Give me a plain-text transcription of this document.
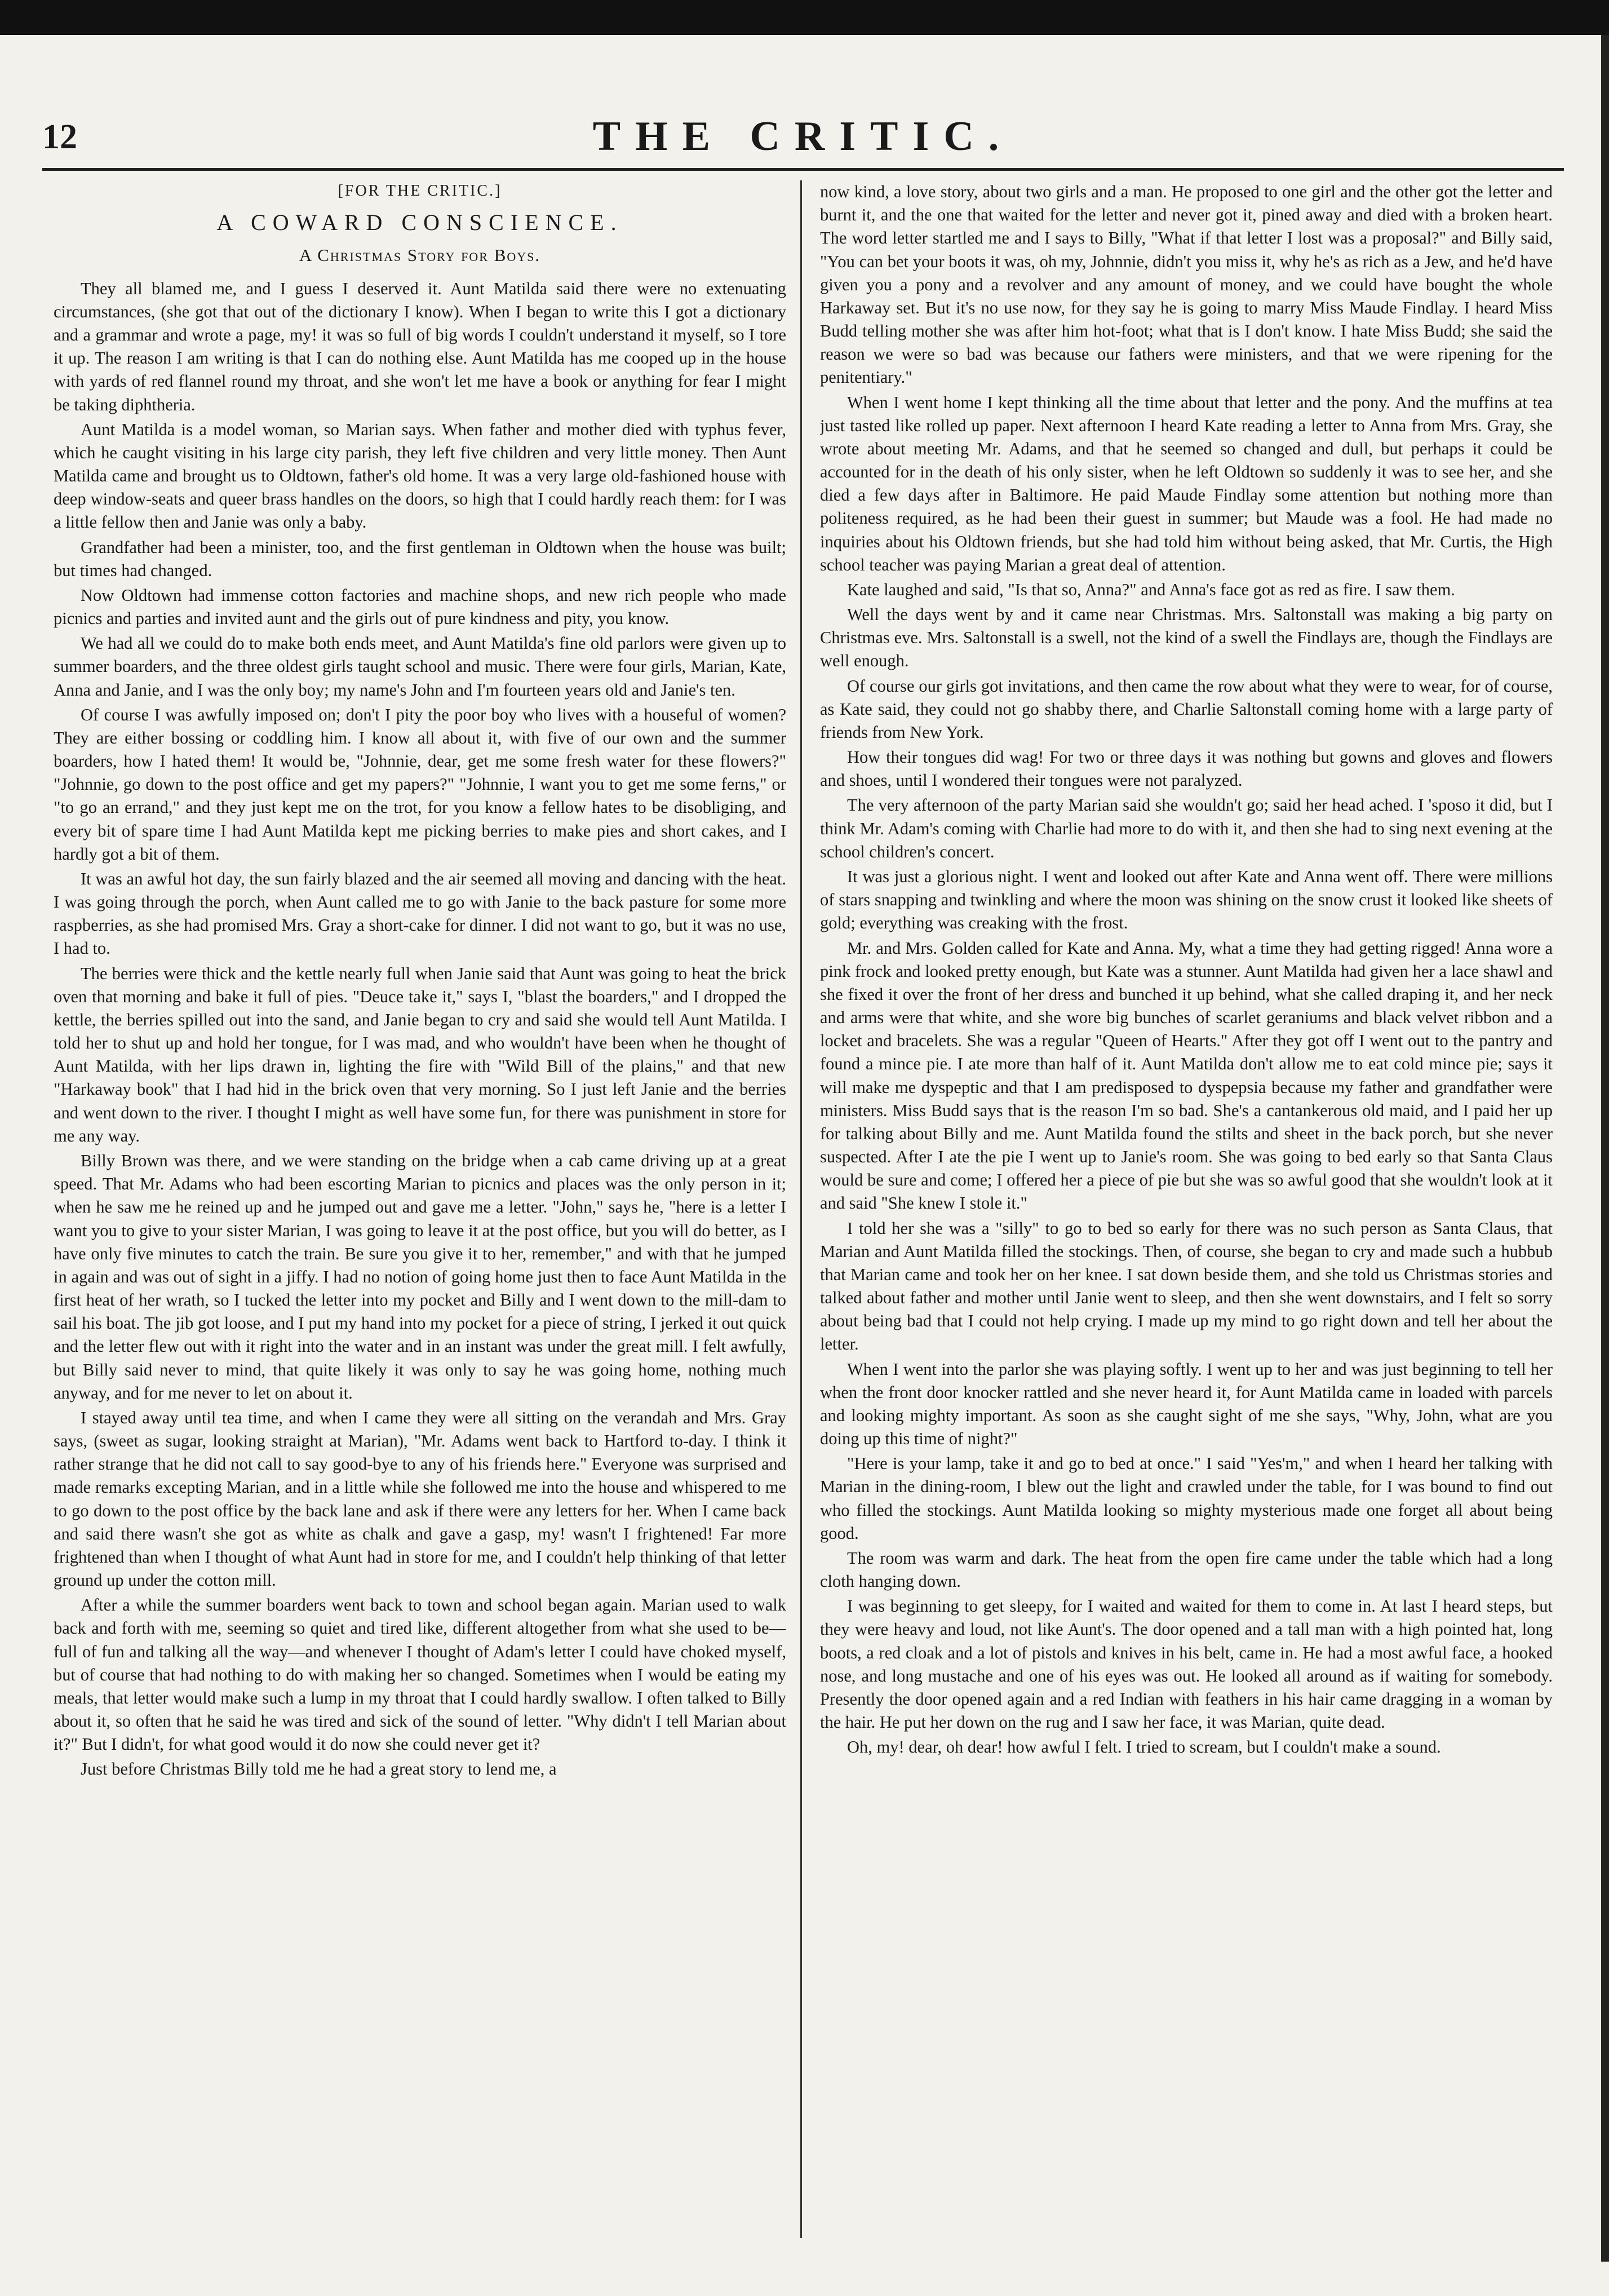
12	THE CRITIC.
[FOR THE CRITIC.]
A COWARD CONSCIENCE.
A Christmas Story for Boys.

They all blamed me, and I guess I deserved it. Aunt Matilda said there were no extenuating circumstances, (she got that out of the dictionary I know). When I began to write this I got a dictionary and a grammar and wrote a page, my! it was so full of big words I couldn't understand it myself, so I tore it up. The reason I am writing is that I can do nothing else. Aunt Matilda has me cooped up in the house with yards of red flannel round my throat, and she won't let me have a book or anything for fear I might be taking diphtheria.

Aunt Matilda is a model woman, so Marian says. When father and mother died with typhus fever, which he caught visiting in his large city parish, they left five children and very little money. Then Aunt Matilda came and brought us to Oldtown, father's old home. It was a very large old-fashioned house with deep window-seats and queer brass handles on the doors, so high that I could hardly reach them: for I was a little fellow then and Janie was only a baby.

Grandfather had been a minister, too, and the first gentleman in Oldtown when the house was built; but times had changed.

Now Oldtown had immense cotton factories and machine shops, and new rich people who made picnics and parties and invited aunt and the girls out of pure kindness and pity, you know.

We had all we could do to make both ends meet, and Aunt Matilda's fine old parlors were given up to summer boarders, and the three oldest girls taught school and music. There were four girls, Marian, Kate, Anna and Janie, and I was the only boy; my name's John and I'm fourteen years old and Janie's ten.

Of course I was awfully imposed on; don't I pity the poor boy who lives with a houseful of women? They are either bossing or coddling him. I know all about it, with five of our own and the summer boarders, how I hated them! It would be, "Johnnie, dear, get me some fresh water for these flowers?" "Johnnie, go down to the post office and get my papers?" "Johnnie, I want you to get me some ferns," or "to go an errand," and they just kept me on the trot, for you know a fellow hates to be disobliging, and every bit of spare time I had Aunt Matilda kept me picking berries to make pies and short cakes, and I hardly got a bit of them.

It was an awful hot day, the sun fairly blazed and the air seemed all moving and dancing with the heat. I was going through the porch, when Aunt called me to go with Janie to the back pasture for some more raspberries, as she had promised Mrs. Gray a short-cake for dinner. I did not want to go, but it was no use, I had to.

The berries were thick and the kettle nearly full when Janie said that Aunt was going to heat the brick oven that morning and bake it full of pies. "Deuce take it," says I, "blast the boarders," and I dropped the kettle, the berries spilled out into the sand, and Janie began to cry and said she would tell Aunt Matilda. I told her to shut up and hold her tongue, for I was mad, and who wouldn't have been when he thought of Aunt Matilda, with her lips drawn in, lighting the fire with "Wild Bill of the plains," and that new "Harkaway book" that I had hid in the brick oven that very morning. So I just left Janie and the berries and went down to the river. I thought I might as well have some fun, for there was punishment in store for me any way.

Billy Brown was there, and we were standing on the bridge when a cab came driving up at a great speed. That Mr. Adams who had been escorting Marian to picnics and places was the only person in it; when he saw me he reined up and he jumped out and gave me a letter. "John," says he, "here is a letter I want you to give to your sister Marian, I was going to leave it at the post office, but you will do better, as I have only five minutes to catch the train. Be sure you give it to her, remember," and with that he jumped in again and was out of sight in a jiffy. I had no notion of going home just then to face Aunt Matilda in the first heat of her wrath, so I tucked the letter into my pocket and Billy and I went down to the mill-dam to sail his boat. The jib got loose, and I put my hand into my pocket for a piece of string, I jerked it out quick and the letter flew out with it right into the water and in an instant was under the great mill. I felt awfully, but Billy said never to mind, that quite likely it was only to say he was going home, nothing much anyway, and for me never to let on about it.

I stayed away until tea time, and when I came they were all sitting on the verandah and Mrs. Gray says, (sweet as sugar, looking straight at Marian), "Mr. Adams went back to Hartford to-day. I think it rather strange that he did not call to say good-bye to any of his friends here." Everyone was surprised and made remarks excepting Marian, and in a little while she followed me into the house and whispered to me to go down to the post office by the back lane and ask if there were any letters for her. When I came back and said there wasn't she got as white as chalk and gave a gasp, my! wasn't I frightened! Far more frightened than when I thought of what Aunt had in store for me, and I couldn't help thinking of that letter ground up under the cotton mill.

After a while the summer boarders went back to town and school began again. Marian used to walk back and forth with me, seeming so quiet and tired like, different altogether from what she used to be—full of fun and talking all the way—and whenever I thought of Adam's letter I could have choked myself, but of course that had nothing to do with making her so changed. Sometimes when I would be eating my meals, that letter would make such a lump in my throat that I could hardly swallow. I often talked to Billy about it, so often that he said he was tired and sick of the sound of letter. "Why didn't I tell Marian about it?" But I didn't, for what good would it do now she could never get it?

Just before Christmas Billy told me he had a great story to lend me, a

now kind, a love story, about two girls and a man. He proposed to one girl and the other got the letter and burnt it, and the one that waited for the letter and never got it, pined away and died with a broken heart. The word letter startled me and I says to Billy, "What if that letter I lost was a proposal?" and Billy said, "You can bet your boots it was, oh my, Johnnie, didn't you miss it, why he's as rich as a Jew, and he'd have given you a pony and a revolver and any amount of money, and we could have bought the whole Harkaway set. But it's no use now, for they say he is going to marry Miss Maude Findlay. I heard Miss Budd telling mother she was after him hot-foot; what that is I don't know. I hate Miss Budd; she said the reason we were so bad was because our fathers were ministers, and that we were ripening for the penitentiary."

When I went home I kept thinking all the time about that letter and the pony. And the muffins at tea just tasted like rolled up paper. Next afternoon I heard Kate reading a letter to Anna from Mrs. Gray, she wrote about meeting Mr. Adams, and that he seemed so changed and dull, but perhaps it could be accounted for in the death of his only sister, when he left Oldtown so suddenly it was to see her, and she died a few days after in Baltimore. He paid Maude Findlay some attention but nothing more than politeness required, as he had been their guest in summer; but Maude was a fool. He had made no inquiries about his Oldtown friends, but she had told him without being asked, that Mr. Curtis, the High school teacher was paying Marian a great deal of attention.

Kate laughed and said, "Is that so, Anna?" and Anna's face got as red as fire. I saw them.

Well the days went by and it came near Christmas. Mrs. Saltonstall was making a big party on Christmas eve. Mrs. Saltonstall is a swell, not the kind of a swell the Findlays are, though the Findlays are well enough.

Of course our girls got invitations, and then came the row about what they were to wear, for of course, as Kate said, they could not go shabby there, and Charlie Saltonstall coming home with a large party of friends from New York.

How their tongues did wag! For two or three days it was nothing but gowns and gloves and flowers and shoes, until I wondered their tongues were not paralyzed.

The very afternoon of the party Marian said she wouldn't go; said her head ached. I 'sposo it did, but I think Mr. Adam's coming with Charlie had more to do with it, and then she had to sing next evening at the school children's concert.

It was just a glorious night. I went and looked out after Kate and Anna went off. There were millions of stars snapping and twinkling and where the moon was shining on the snow crust it looked like sheets of gold; everything was creaking with the frost.

Mr. and Mrs. Golden called for Kate and Anna. My, what a time they had getting rigged! Anna wore a pink frock and looked pretty enough, but Kate was a stunner. Aunt Matilda had given her a lace shawl and she fixed it over the front of her dress and bunched it up behind, what she called draping it, and her neck and arms were that white, and she wore big bunches of scarlet geraniums and black velvet ribbon and a locket and bracelets. She was a regular "Queen of Hearts." After they got off I went out to the pantry and found a mince pie. I ate more than half of it. Aunt Matilda don't allow me to eat cold mince pie; says it will make me dyspeptic and that I am predisposed to dyspepsia because my father and grandfather were ministers. Miss Budd says that is the reason I'm so bad. She's a cantankerous old maid, and I paid her up for talking about Billy and me. Aunt Matilda found the stilts and sheet in the back porch, but she never suspected. After I ate the pie I went up to Janie's room. She was going to bed early so that Santa Claus would be sure and come; I offered her a piece of pie but she was so awful good that she wouldn't look at it and said "She knew I stole it."

I told her she was a "silly" to go to bed so early for there was no such person as Santa Claus, that Marian and Aunt Matilda filled the stockings. Then, of course, she began to cry and made such a hubbub that Marian came and took her on her knee. I sat down beside them, and she told us Christmas stories and talked about father and mother until Janie went to sleep, and then she went downstairs, and I felt so sorry about being bad that I could not help crying. I made up my mind to go right down and tell her about the letter.

When I went into the parlor she was playing softly. I went up to her and was just beginning to tell her when the front door knocker rattled and she never heard it, for Aunt Matilda came in loaded with parcels and looking mighty important. As soon as she caught sight of me she says, "Why, John, what are you doing up this time of night?"

"Here is your lamp, take it and go to bed at once." I said "Yes'm," and when I heard her talking with Marian in the dining-room, I blew out the light and crawled under the table, for I was bound to find out who filled the stockings. Aunt Matilda looking so mighty mysterious made one forget all about being good.

The room was warm and dark. The heat from the open fire came under the table which had a long cloth hanging down.

I was beginning to get sleepy, for I waited and waited for them to come in. At last I heard steps, but they were heavy and loud, not like Aunt's. The door opened and a tall man with a high pointed hat, long boots, a red cloak and a lot of pistols and knives in his belt, came in. He had a most awful face, a hooked nose, and long mustache and one of his eyes was out. He looked all around as if waiting for somebody. Presently the door opened again and a red Indian with feathers in his hair came dragging in a woman by the hair. He put her down on the rug and I saw her face, it was Marian, quite dead.

Oh, my! dear, oh dear! how awful I felt. I tried to scream, but I couldn't make a sound.
